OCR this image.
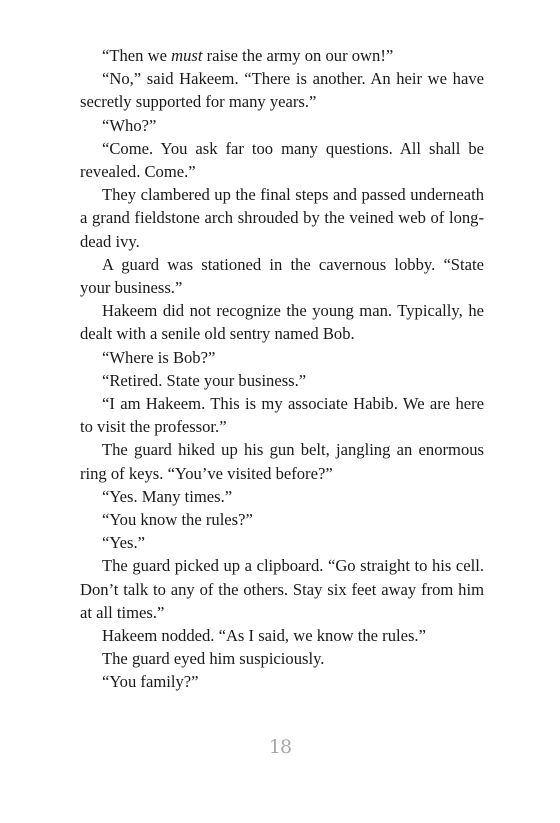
“Then we must raise the army on our own!”

“No,” said Hakeem. “There is another. An heir we have secretly supported for many years.”

“Who?”

“Come. You ask far too many questions. All shall be revealed. Come.”

They clambered up the final steps and passed underneath a grand fieldstone arch shrouded by the veined web of long-dead ivy.

A guard was stationed in the cavernous lobby. “State your business.”

Hakeem did not recognize the young man. Typically, he dealt with a senile old sentry named Bob.

“Where is Bob?”

“Retired. State your business.”

“I am Hakeem. This is my associate Habib. We are here to visit the professor.”

The guard hiked up his gun belt, jangling an enormous ring of keys. “You’ve visited before?”

“Yes. Many times.”

“You know the rules?”

“Yes.”

The guard picked up a clipboard. “Go straight to his cell. Don’t talk to any of the others. Stay six feet away from him at all times.”

Hakeem nodded. “As I said, we know the rules.”

The guard eyed him suspiciously.

“You family?”

18
